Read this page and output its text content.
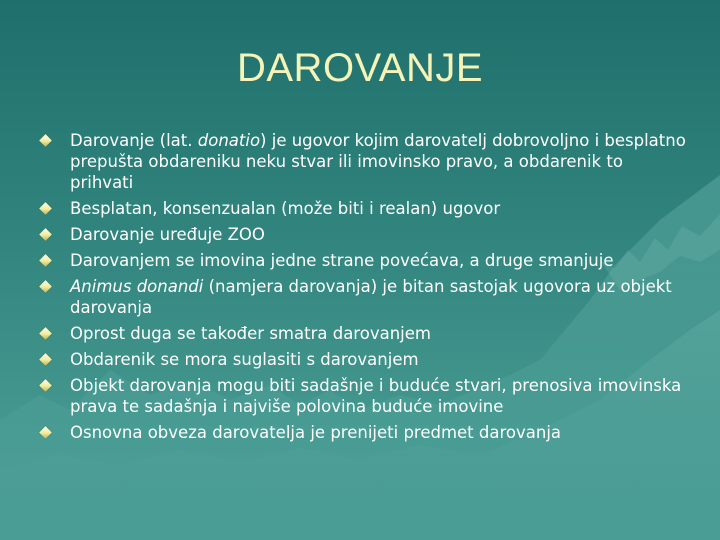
DAROVANJE
Darovanje (lat. donatio) je ugovor kojim darovatelj dobrovoljno i besplatno prepušta obdareniku neku stvar ili imovinsko pravo, a obdarenik to prihvati
Besplatan, konsenzualan (može biti i realan) ugovor
Darovanje uređuje ZOO
Darovanjem se imovina jedne strane povećava, a druge smanjuje
Animus donandi (namjera darovanja) je bitan sastojak ugovora uz objekt darovanja
Oprost duga se također smatra darovanjem
Obdarenik se mora suglasiti s darovanjem
Objekt darovanja mogu biti sadašnje i buduće stvari, prenosiva imovinska prava te sadašnja i najviše polovina buduće imovine
Osnovna obveza darovatelja je prenijeti predmet darovanja
